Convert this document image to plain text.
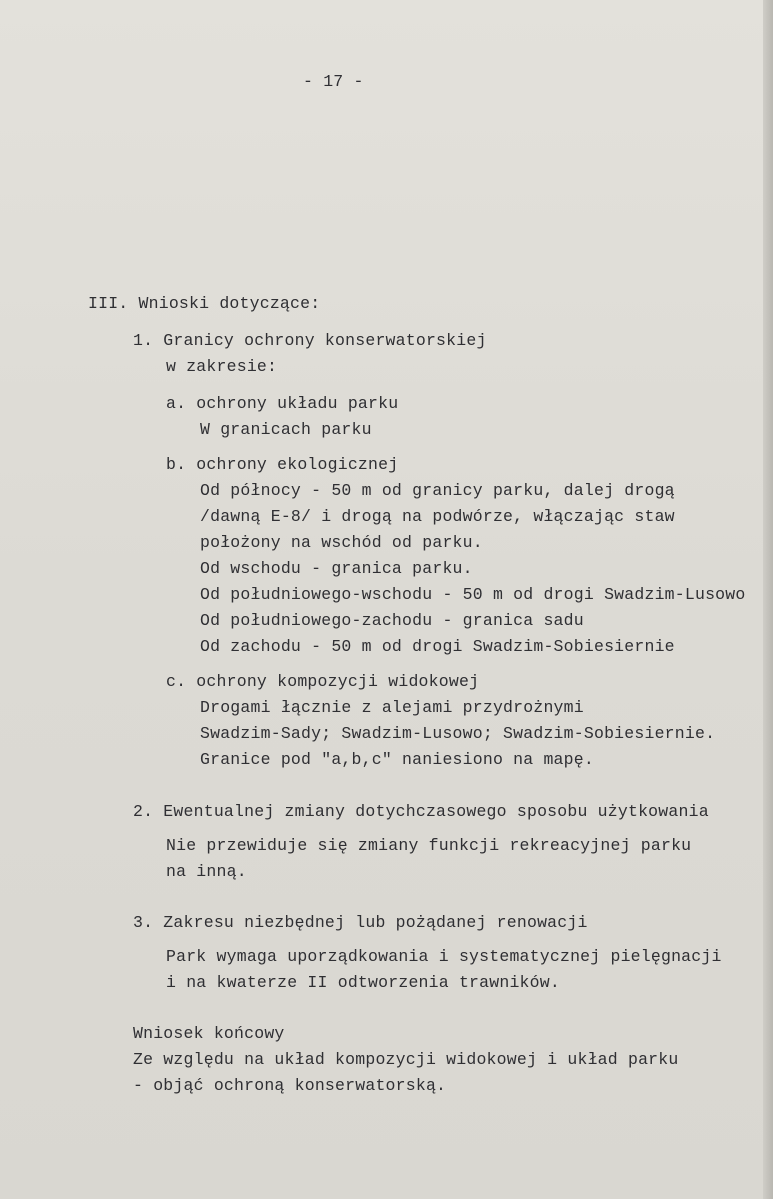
- 17 -
III. Wnioski dotyczące:
1. Granicy ochrony konserwatorskiej
w zakresie:
a. ochrony układu parku
W granicach parku
b. ochrony ekologicznej
Od północy - 50 m od granicy parku, dalej drogą
/dawną E-8/ i drogą na podwórze, włączając staw
położony na wschód od parku.
Od wschodu - granica parku.
Od południowego-wschodu - 50 m od drogi Swadzim-Lusowo
Od południowego-zachodu - granica sadu
Od zachodu - 50 m od drogi Swadzim-Sobiesiernie
c. ochrony kompozycji widokowej
Drogami łącznie z alejami przydrożnymi
Swadzim-Sady; Swadzim-Lusowo; Swadzim-Sobiesiernie.
Granice pod "a,b,c" naniesiono na mapę.
2. Ewentualnej zmiany dotychczasowego sposobu użytkowania
Nie przewiduje się zmiany funkcji rekreacyjnej parku
na inną.
3. Zakresu niezbędnej lub pożądanej renowacji
Park wymaga uporządkowania i systematycznej pielęgnacji
i na kwaterze II odtworzenia trawników.
Wniosek końcowy
Ze względu na układ kompozycji widokowej i układ parku
- objąć ochroną konserwatorską.
